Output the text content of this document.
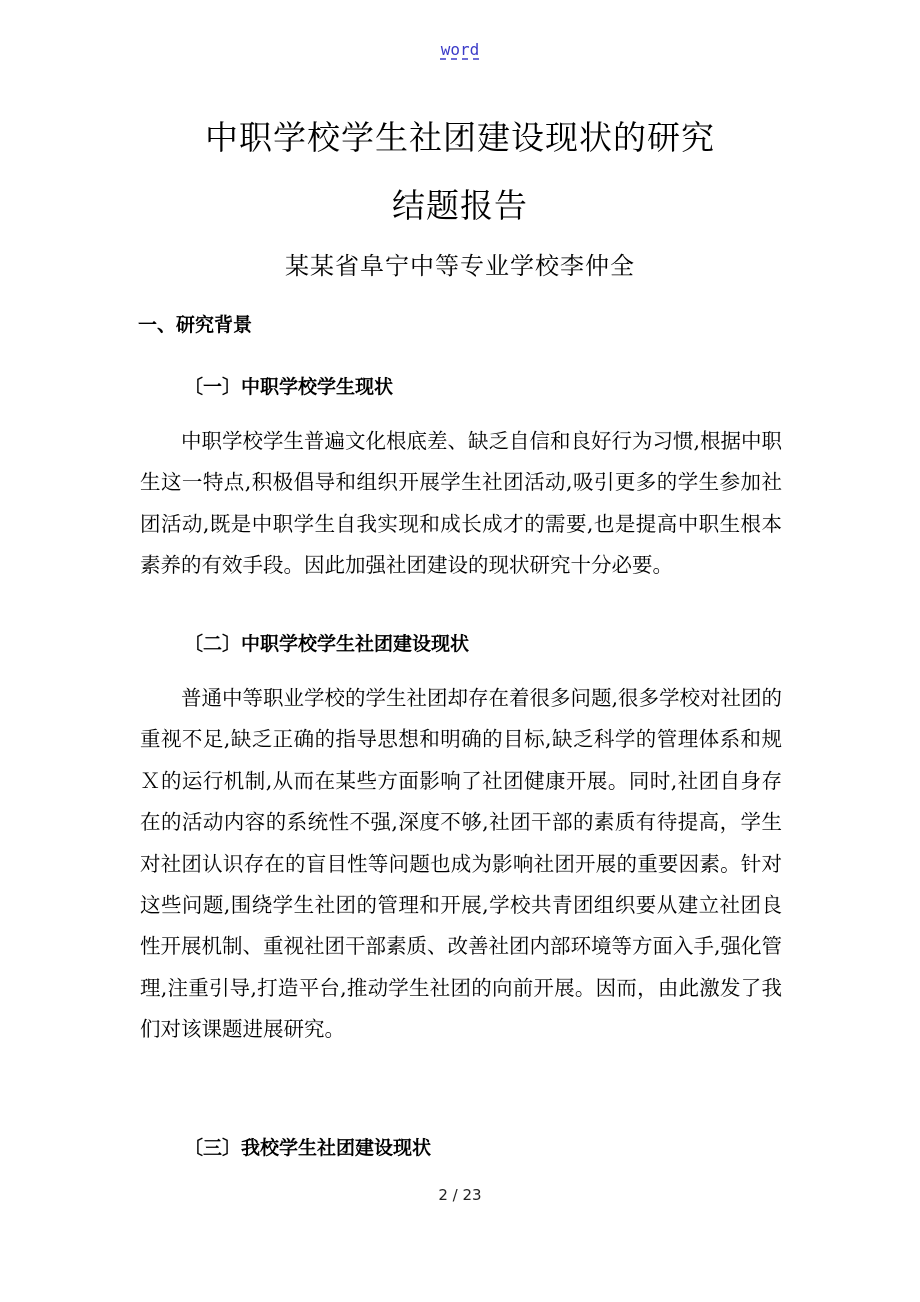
word
中职学校学生社团建设现状的研究
结题报告
某某省阜宁中等专业学校李仲全
一、研究背景
〔一〕中职学校学生现状
中职学校学生普遍文化根底差、缺乏自信和良好行为习惯,根据中职生这一特点,积极倡导和组织开展学生社团活动,吸引更多的学生参加社团活动,既是中职学生自我实现和成长成才的需要,也是提高中职生根本素养的有效手段。因此加强社团建设的现状研究十分必要。
〔二〕中职学校学生社团建设现状
普通中等职业学校的学生社团却存在着很多问题,很多学校对社团的重视不足,缺乏正确的指导思想和明确的目标,缺乏科学的管理体系和规Ｘ的运行机制,从而在某些方面影响了社团健康开展。同时,社团自身存在的活动内容的系统性不强,深度不够,社团干部的素质有待提高，学生对社团认识存在的盲目性等问题也成为影响社团开展的重要因素。针对这些问题,围绕学生社团的管理和开展,学校共青团组织要从建立社团良性开展机制、重视社团干部素质、改善社团内部环境等方面入手,强化管理,注重引导,打造平台,推动学生社团的向前开展。因而，由此激发了我们对该课题进展研究。
〔三〕我校学生社团建设现状
2 / 23
